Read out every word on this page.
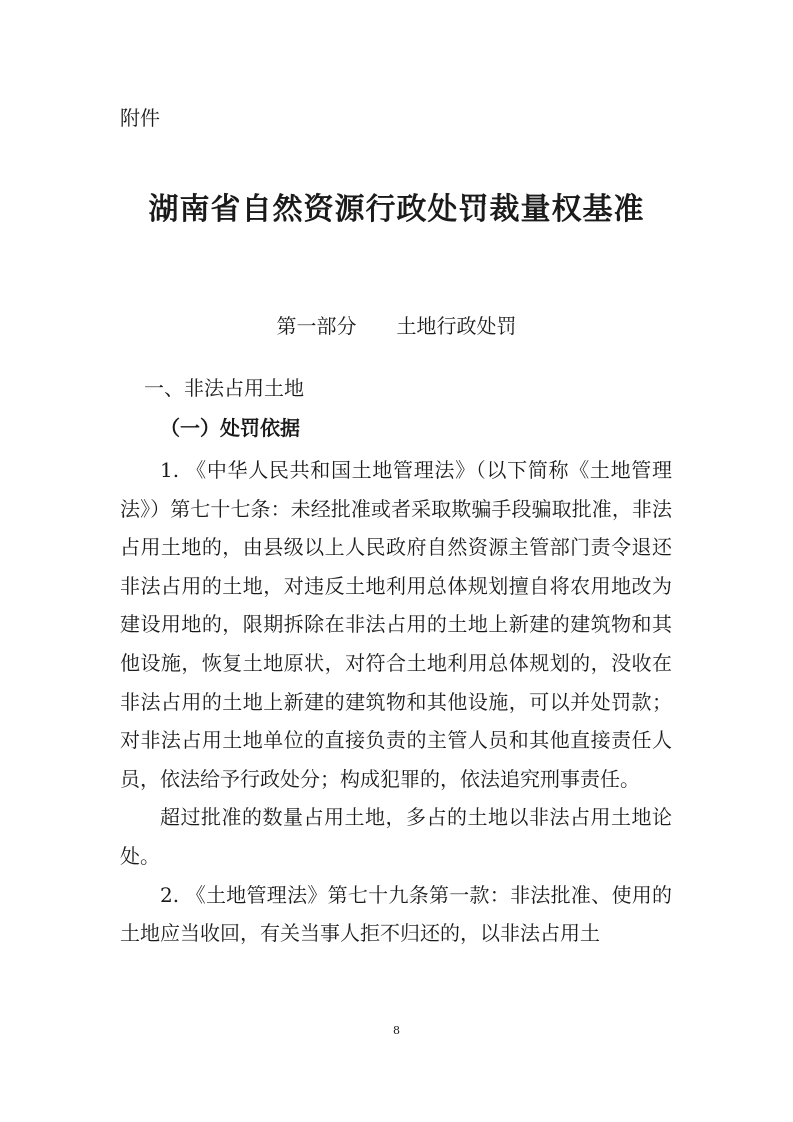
附件
湖南省自然资源行政处罚裁量权基准
第一部分 土地行政处罚
一、非法占用土地
（一）处罚依据

1. 《中华人民共和国土地管理法》（以下简称《土地管理法》）第七十七条：未经批准或者采取欺骗手段骗取批准，非法占用土地的，由县级以上人民政府自然资源主管部门责令退还非法占用的土地，对违反土地利用总体规划擅自将农用地改为建设用地的，限期拆除在非法占用的土地上新建的建筑物和其他设施，恢复土地原状，对符合土地利用总体规划的，没收在非法占用的土地上新建的建筑物和其他设施，可以并处罚款；对非法占用土地单位的直接负责的主管人员和其他直接责任人员，依法给予行政处分；构成犯罪的，依法追究刑事责任。

超过批准的数量占用土地，多占的土地以非法占用土地论处。

2. 《土地管理法》第七十九条第一款：非法批准、使用的土地应当收回，有关当事人拒不归还的，以非法占用土

8
